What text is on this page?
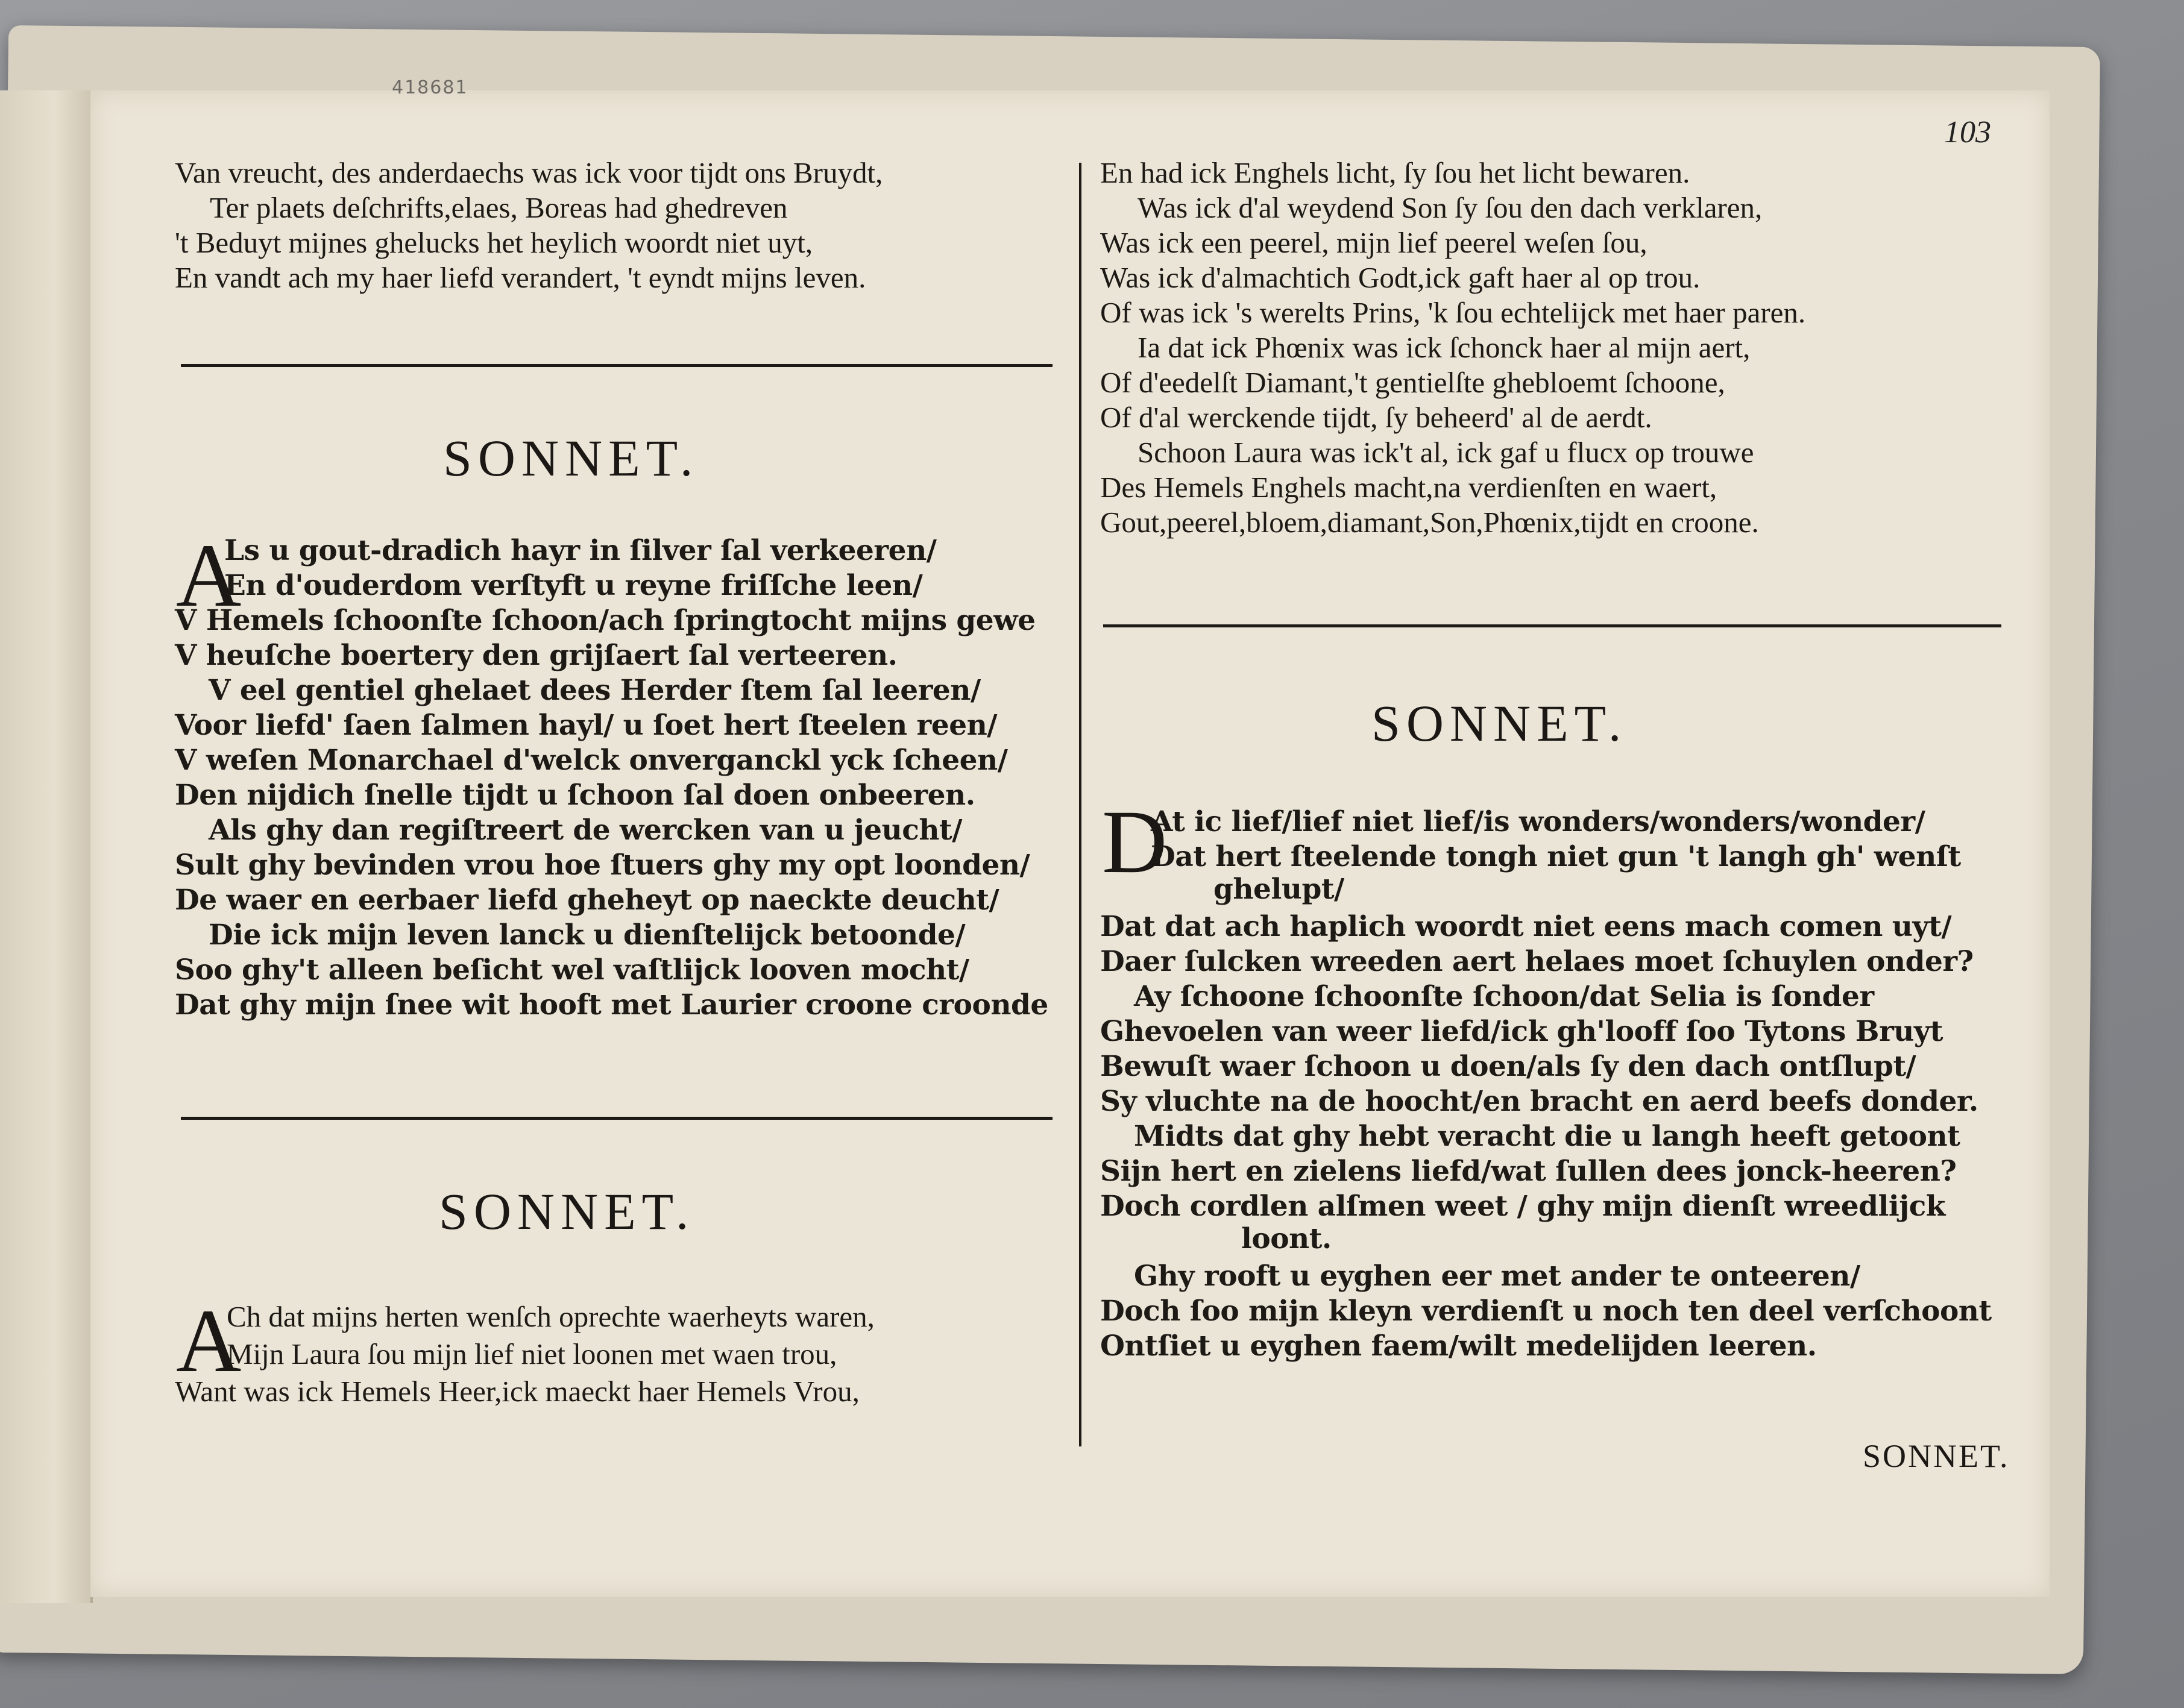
418681
103
Van vreucht, des anderdaechs was ick voor tijdt ons Bruydt,
Ter plaets deſchrifts,elaes, Boreas had ghedreven
't Beduyt mijnes ghelucks het heylich woordt niet uyt,
En vandt ach my haer liefd verandert, 't eyndt mijns leven.
SONNET.
A
Ls u gout-dradich hayr in ſilver ſal verkeeren/
En d'ouderdom verſtyft u reyne friſſche leen/
V Hemels ſchoonſte ſchoon/ach ſpringtocht mijns gewe
V heuſche boertery den grijſaert ſal verteeren.
V eel gentiel ghelaet dees Herder ſtem ſal leeren/
Voor liefd' ſaen ſalmen hayl/ u ſoet hert ſteelen reen/
V weſen Monarchael d'welck onverganckl yck ſcheen/
Den nijdich ſnelle tijdt u ſchoon ſal doen onbeeren.
Als ghy dan regiſtreert de wercken van u jeucht/
Sult ghy bevinden vrou hoe ſtuers ghy my opt loonden/
De waer en eerbaer liefd gheheyt op naeckte deucht/
Die ick mijn leven lanck u dienſtelijck betoonde/
Soo ghy't alleen beſicht wel vaſtlijck looven mocht/
Dat ghy mijn ſnee wit hooft met Laurier croone croonde
SONNET.
A
Ch dat mijns herten wenſch oprechte waerheyts waren,
Mijn Laura ſou mijn lief niet loonen met waen trou,
Want was ick Hemels Heer,ick maeckt haer Hemels Vrou,
En had ick Enghels licht, ſy ſou het licht bewaren.
Was ick d'al weydend Son ſy ſou den dach verklaren,
Was ick een peerel, mijn lief peerel weſen ſou,
Was ick d'almachtich Godt,ick gaft haer al op trou.
Of was ick 's werelts Prins, 'k ſou echtelijck met haer paren.
Ia dat ick Phœnix was ick ſchonck haer al mijn aert,
Of d'eedelſt Diamant,'t gentielſte ghebloemt ſchoone,
Of d'al werckende tijdt, ſy beheerd' al de aerdt.
Schoon Laura was ick't al, ick gaf u flucx op trouwe
Des Hemels Enghels macht,na verdienſten en waert,
Gout,peerel,bloem,diamant,Son,Phœnix,tijdt en croone.
SONNET.
D
At ic lief/lief niet lief/is wonders/wonders/wonder/
Dat hert ſteelende tongh niet gun 't langh gh' wenſt
ghelupt/
Dat dat ach haplich woordt niet eens mach comen uyt/
Daer ſulcken wreeden aert helaes moet ſchuylen onder?
Ay ſchoone ſchoonſte ſchoon/dat Selia is ſonder
Ghevoelen van weer liefd/ick gh'looff ſoo Tytons Bruyt
Bewuſt waer ſchoon u doen/als ſy den dach ontſlupt/
Sy vluchte na de hoocht/en bracht en aerd beefs donder.
Midts dat ghy hebt veracht die u langh heeft getoont
Sijn hert en zielens liefd/wat ſullen dees jonck-heeren?
Doch cordlen alſmen weet / ghy mijn dienſt wreedlijck
loont.
Ghy rooft u eyghen eer met ander te onteeren/
Doch ſoo mijn kleyn verdienſt u noch ten deel verſchoont
Ontſiet u eyghen faem/wilt medelijden leeren.
SONNET.
